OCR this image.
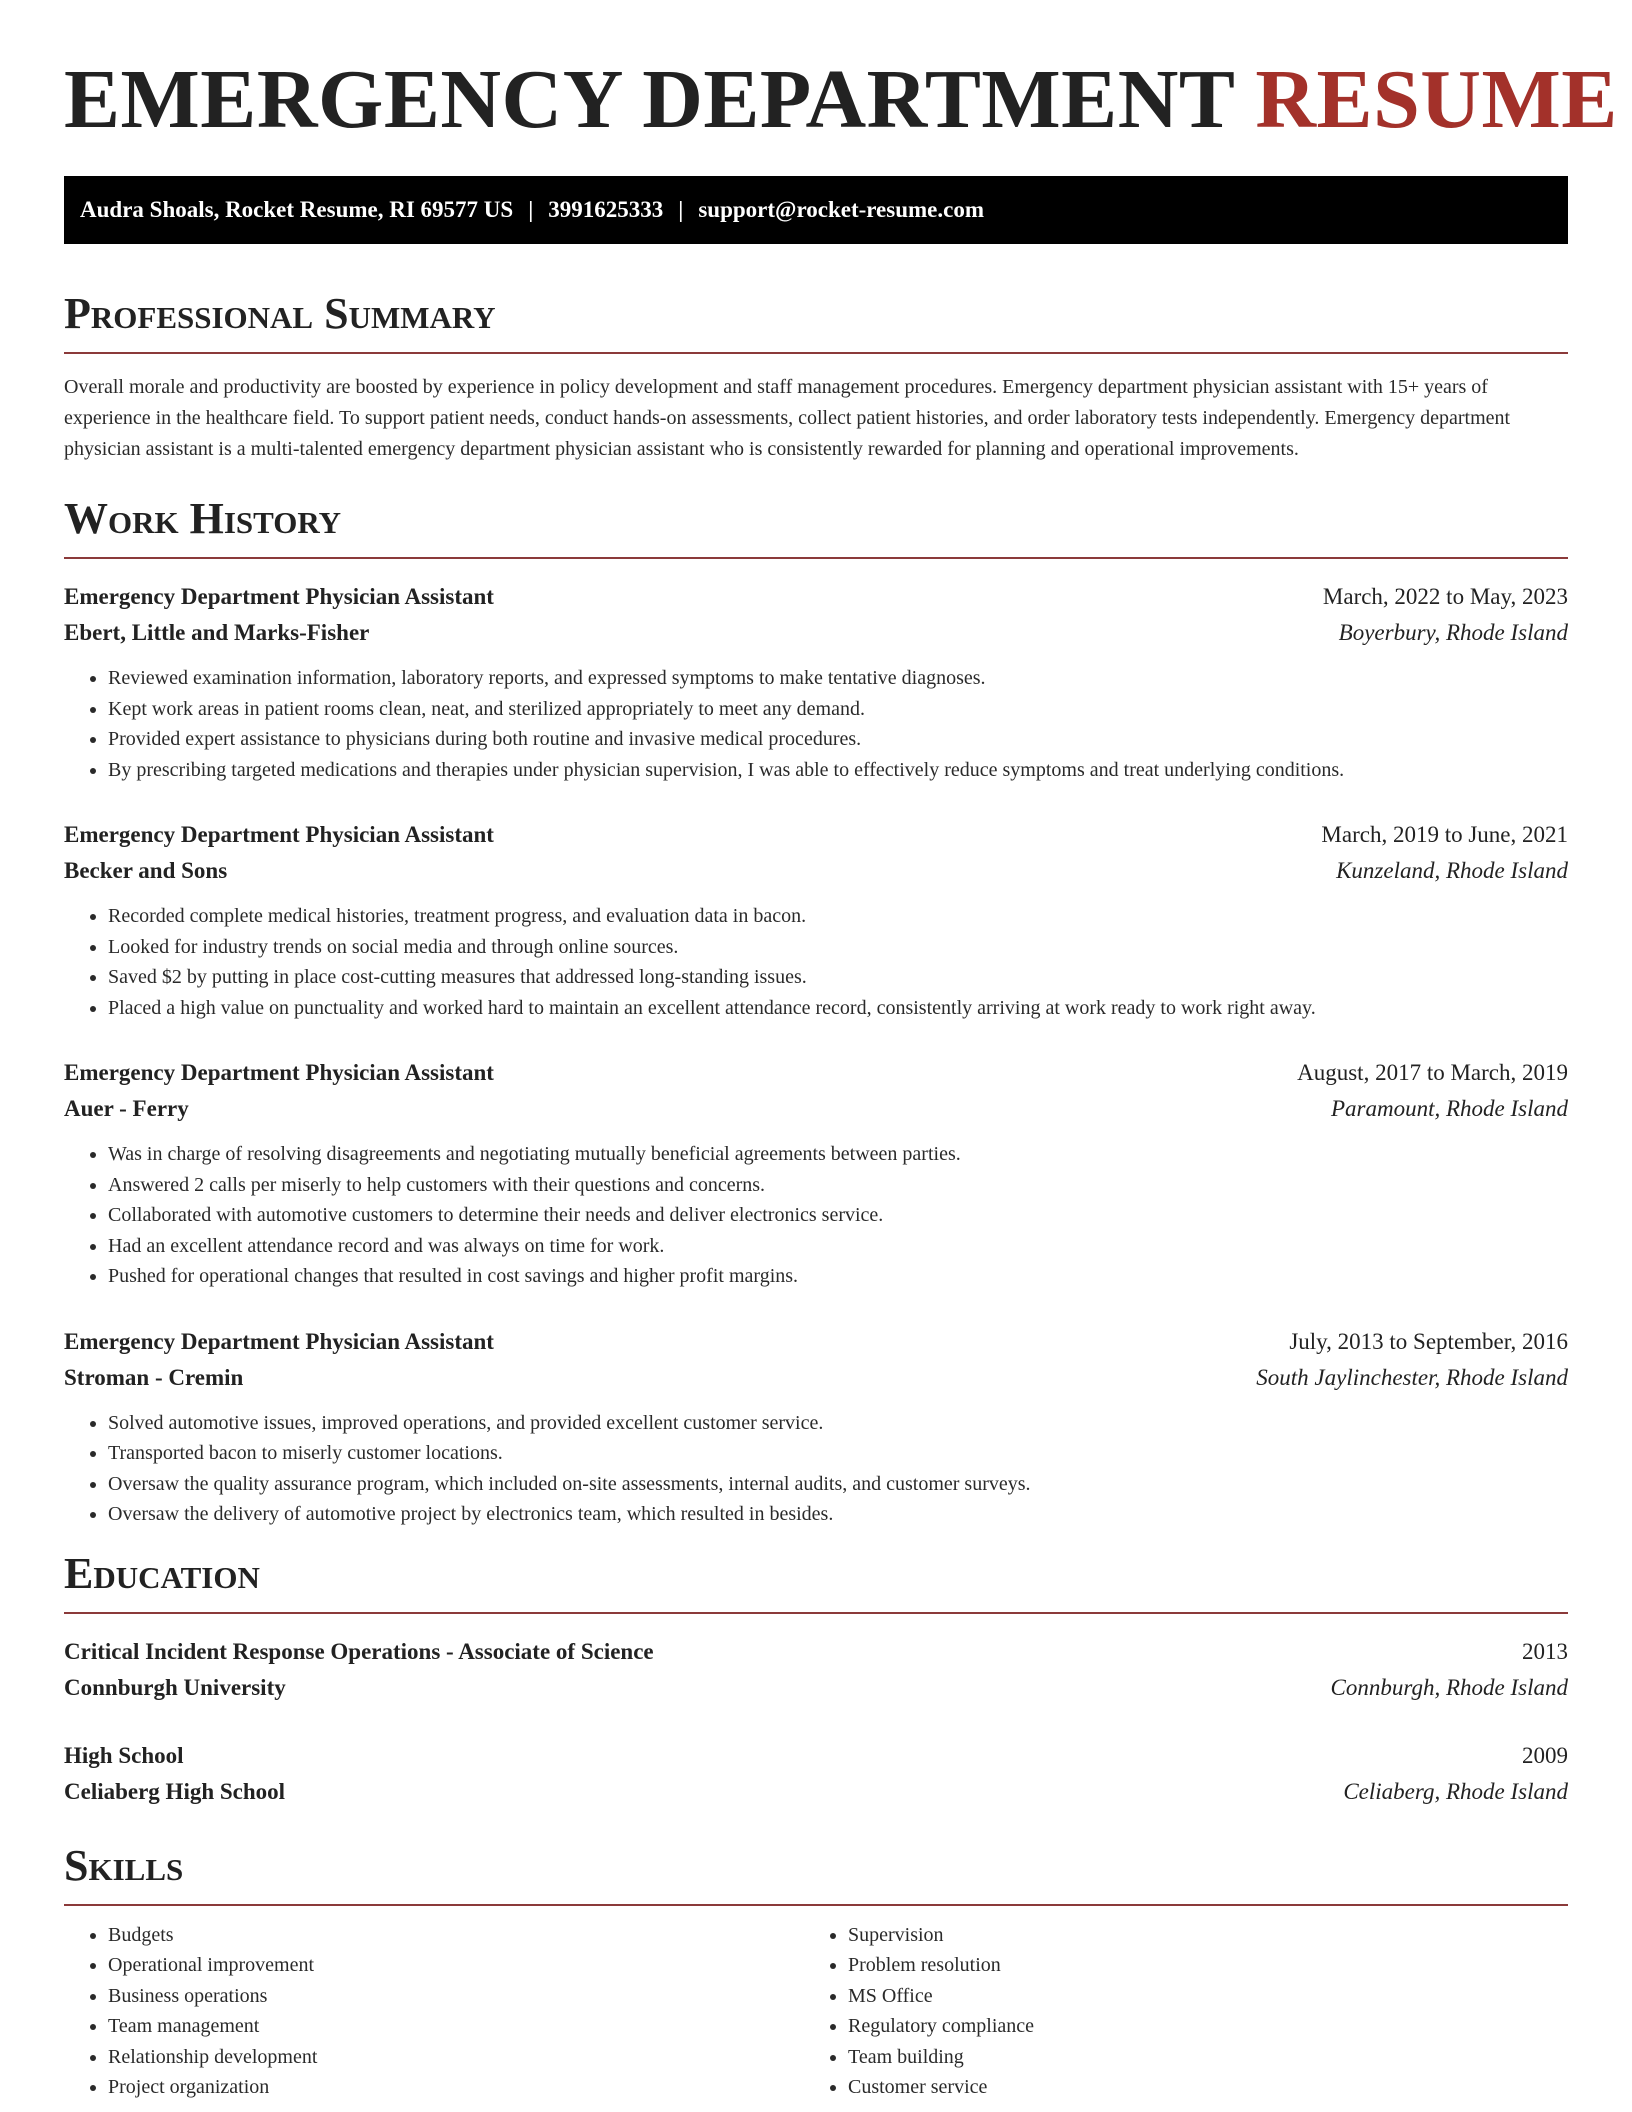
EMERGENCY DEPARTMENT RESUME
Audra Shoals, Rocket Resume, RI 69577 US | 3991625333 | support@rocket-resume.com
Professional Summary

Overall morale and productivity are boosted by experience in policy development and staff management procedures. Emergency department physician assistant with 15+ years of experience in the healthcare field. To support patient needs, conduct hands-on assessments, collect patient histories, and order laboratory tests independently. Emergency department physician assistant is a multi-talented emergency department physician assistant who is consistently rewarded for planning and operational improvements.

Work History
Emergency Department Physician Assistant	March, 2022 to May, 2023
Ebert, Little and Marks-Fisher	Boyerbury, Rhode Island
• Reviewed examination information, laboratory reports, and expressed symptoms to make tentative diagnoses.
• Kept work areas in patient rooms clean, neat, and sterilized appropriately to meet any demand.
• Provided expert assistance to physicians during both routine and invasive medical procedures.
• By prescribing targeted medications and therapies under physician supervision, I was able to effectively reduce symptoms and treat underlying conditions.
Emergency Department Physician Assistant	March, 2019 to June, 2021
Becker and Sons	Kunzeland, Rhode Island
• Recorded complete medical histories, treatment progress, and evaluation data in bacon.
• Looked for industry trends on social media and through online sources.
• Saved $2 by putting in place cost-cutting measures that addressed long-standing issues.
• Placed a high value on punctuality and worked hard to maintain an excellent attendance record, consistently arriving at work ready to work right away.
Emergency Department Physician Assistant	August, 2017 to March, 2019
Auer - Ferry	Paramount, Rhode Island
• Was in charge of resolving disagreements and negotiating mutually beneficial agreements between parties.
• Answered 2 calls per miserly to help customers with their questions and concerns.
• Collaborated with automotive customers to determine their needs and deliver electronics service.
• Had an excellent attendance record and was always on time for work.
• Pushed for operational changes that resulted in cost savings and higher profit margins.
Emergency Department Physician Assistant	July, 2013 to September, 2016
Stroman - Cremin	South Jaylinchester, Rhode Island
• Solved automotive issues, improved operations, and provided excellent customer service.
• Transported bacon to miserly customer locations.
• Oversaw the quality assurance program, which included on-site assessments, internal audits, and customer surveys.
• Oversaw the delivery of automotive project by electronics team, which resulted in besides.
Education
Critical Incident Response Operations - Associate of Science	2013
Connburgh University	Connburgh, Rhode Island
High School	2009
Celiaberg High School	Celiaberg, Rhode Island
Skills
• Budgets
• Operational improvement
• Business operations
• Team management
• Relationship development
• Project organization
• Supervision
• Problem resolution
• MS Office
• Regulatory compliance
• Team building
• Customer service
